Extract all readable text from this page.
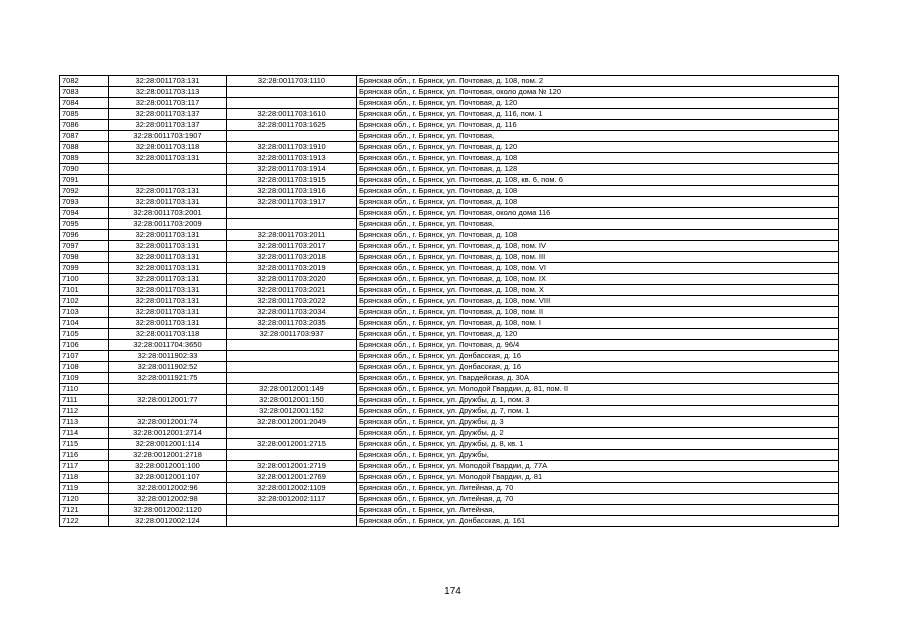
7082	32:28:0011703:131	32:28:0011703:1110	Брянская обл., г. Брянск, ул. Почтовая, д. 108, пом. 2
7083	32:28:0011703:113		Брянская обл., г. Брянск, ул. Почтовая, около дома № 120
7084	32:28:0011703:117		Брянская обл., г. Брянск, ул. Почтовая, д. 120
7085	32:28:0011703:137	32:28:0011703:1610	Брянская обл., г. Брянск, ул. Почтовая, д. 116, пом. 1
7086	32:28:0011703:137	32:28:0011703:1625	Брянская обл., г. Брянск, ул. Почтовая, д. 116
7087	32:28:0011703:1907		Брянская обл., г. Брянск, ул. Почтовая,
7088	32:28:0011703:118	32:28:0011703:1910	Брянская обл., г. Брянск, ул. Почтовая, д. 120
7089	32:28:0011703:131	32:28:0011703:1913	Брянская обл., г. Брянск, ул. Почтовая, д. 108
7090		32:28:0011703:1914	Брянская обл., г. Брянск, ул. Почтовая, д. 128
7091		32:28:0011703:1915	Брянская обл., г. Брянск, ул. Почтовая, д. 108, кв. 6, пом. 6
7092	32:28:0011703:131	32:28:0011703:1916	Брянская обл., г. Брянск, ул. Почтовая, д. 108
7093	32:28:0011703:131	32:28:0011703:1917	Брянская обл., г. Брянск, ул. Почтовая, д. 108
7094	32:28:0011703:2001		Брянская обл., г. Брянск, ул. Почтовая, около дома 116
7095	32:28:0011703:2009		Брянская обл., г. Брянск, ул. Почтовая,
7096	32:28:0011703:131	32:28:0011703:2011	Брянская обл., г. Брянск, ул. Почтовая, д. 108
7097	32:28:0011703:131	32:28:0011703:2017	Брянская обл., г. Брянск, ул. Почтовая, д. 108, пом. IV
7098	32:28:0011703:131	32:28:0011703:2018	Брянская обл., г. Брянск, ул. Почтовая, д. 108, пом. III
7099	32:28:0011703:131	32:28:0011703:2019	Брянская обл., г. Брянск, ул. Почтовая, д. 108, пом. VI
7100	32:28:0011703:131	32:28:0011703:2020	Брянская обл., г. Брянск, ул. Почтовая, д. 108, пом. IX
7101	32:28:0011703:131	32:28:0011703:2021	Брянская обл., г. Брянск, ул. Почтовая, д. 108, пом. X
7102	32:28:0011703:131	32:28:0011703:2022	Брянская обл., г. Брянск, ул. Почтовая, д. 108, пом. VIII
7103	32:28:0011703:131	32:28:0011703:2034	Брянская обл., г. Брянск, ул. Почтовая, д. 108, пом. II
7104	32:28:0011703:131	32:28:0011703:2035	Брянская обл., г. Брянск, ул. Почтовая, д. 108, пом. I
7105	32:28:0011703:118	32:28:0011703:937	Брянская обл., г. Брянск, ул. Почтовая, д. 120
7106	32:28:0011704:3650		Брянская обл., г. Брянск, ул. Почтовая, д. 96/4
7107	32:28:0011902:33		Брянская обл., г. Брянск, ул. Донбасская, д. 16
7108	32:28:0011902:52		Брянская обл., г. Брянск, ул. Донбасская, д. 16
7109	32:28:0011921:75		Брянская обл., г. Брянск, ул. Гвардейская, д. 30А
7110		32:28:0012001:149	Брянская обл., г. Брянск, ул. Молодой Гвардии, д. 81, пом. II
7111	32:28:0012001:77	32:28:0012001:150	Брянская обл., г. Брянск, ул. Дружбы, д. 1, пом. 3
7112		32:28:0012001:152	Брянская обл., г. Брянск, ул. Дружбы, д. 7, пом. 1
7113	32:28:0012001:74	32:28:0012001:2049	Брянская обл., г. Брянск, ул. Дружбы, д. 3
7114	32:28:0012001:2714		Брянская обл., г. Брянск, ул. Дружбы, д. 2
7115	32:28:0012001:114	32:28:0012001:2715	Брянская обл., г. Брянск, ул. Дружбы, д. 8, кв. 1
7116	32:28:0012001:2718		Брянская обл., г. Брянск, ул. Дружбы,
7117	32:28:0012001:100	32:28:0012001:2719	Брянская обл., г. Брянск, ул. Молодой Гвардии, д. 77А
7118	32:28:0012001:107	32:28:0012001:2769	Брянская обл., г. Брянск, ул. Молодой Гвардии, д. 81
7119	32:28:0012002:96	32:28:0012002:1109	Брянская обл., г. Брянск, ул. Литейная, д. 70
7120	32:28:0012002:98	32:28:0012002:1117	Брянская обл., г. Брянск, ул. Литейная, д. 70
7121	32:28:0012002:1120		Брянская обл., г. Брянск, ул. Литейная,
7122	32:28:0012002:124		Брянская обл., г. Брянск, ул. Донбасская, д. 161
174
